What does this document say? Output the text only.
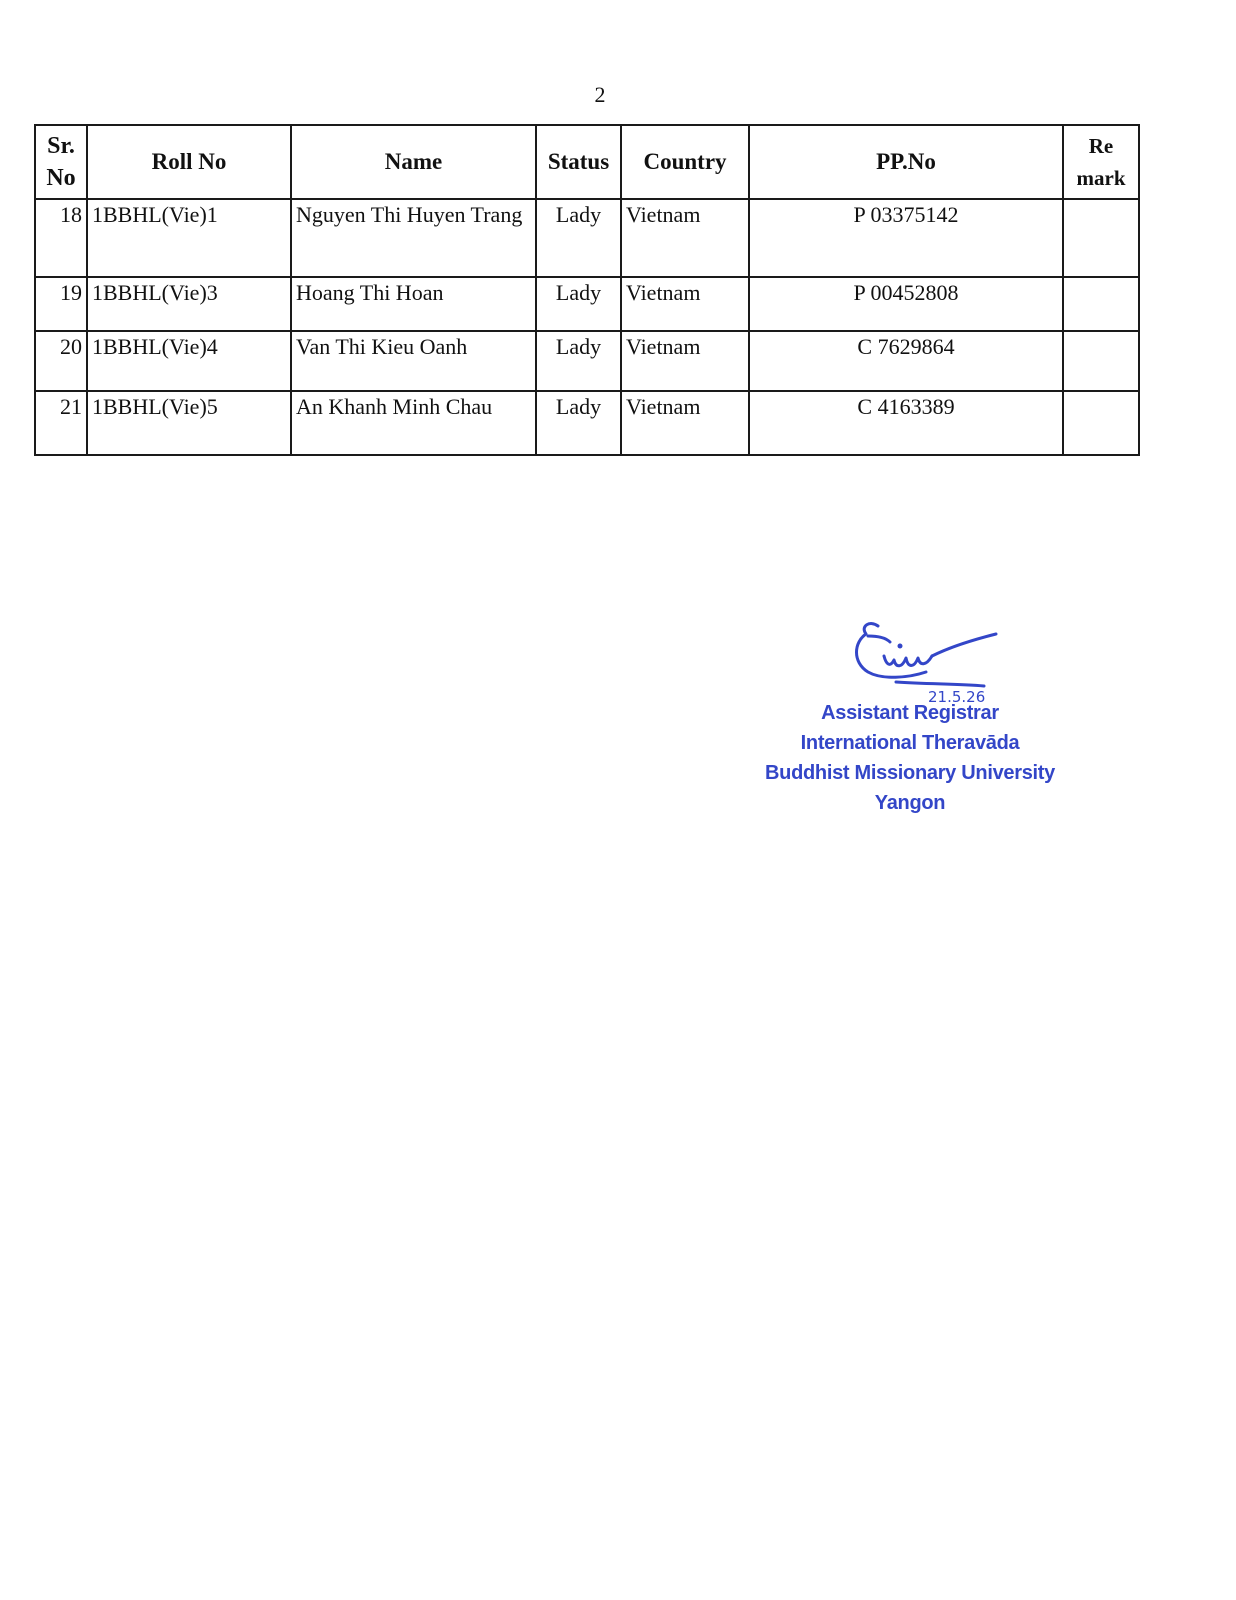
2
Sr. No	Roll No	Name	Status	Country	PP.No	Re mark
18	1BBHL(Vie)1	Nguyen Thi Huyen Trang	Lady	Vietnam	P 03375142	
19	1BBHL(Vie)3	Hoang Thi Hoan	Lady	Vietnam	P 00452808	
20	1BBHL(Vie)4	Van Thi Kieu Oanh	Lady	Vietnam	C 7629864	
21	1BBHL(Vie)5	An Khanh Minh Chau	Lady	Vietnam	C 4163389	
21.5.26
Assistant Registrar
International Theravāda
Buddhist Missionary University
Yangon
